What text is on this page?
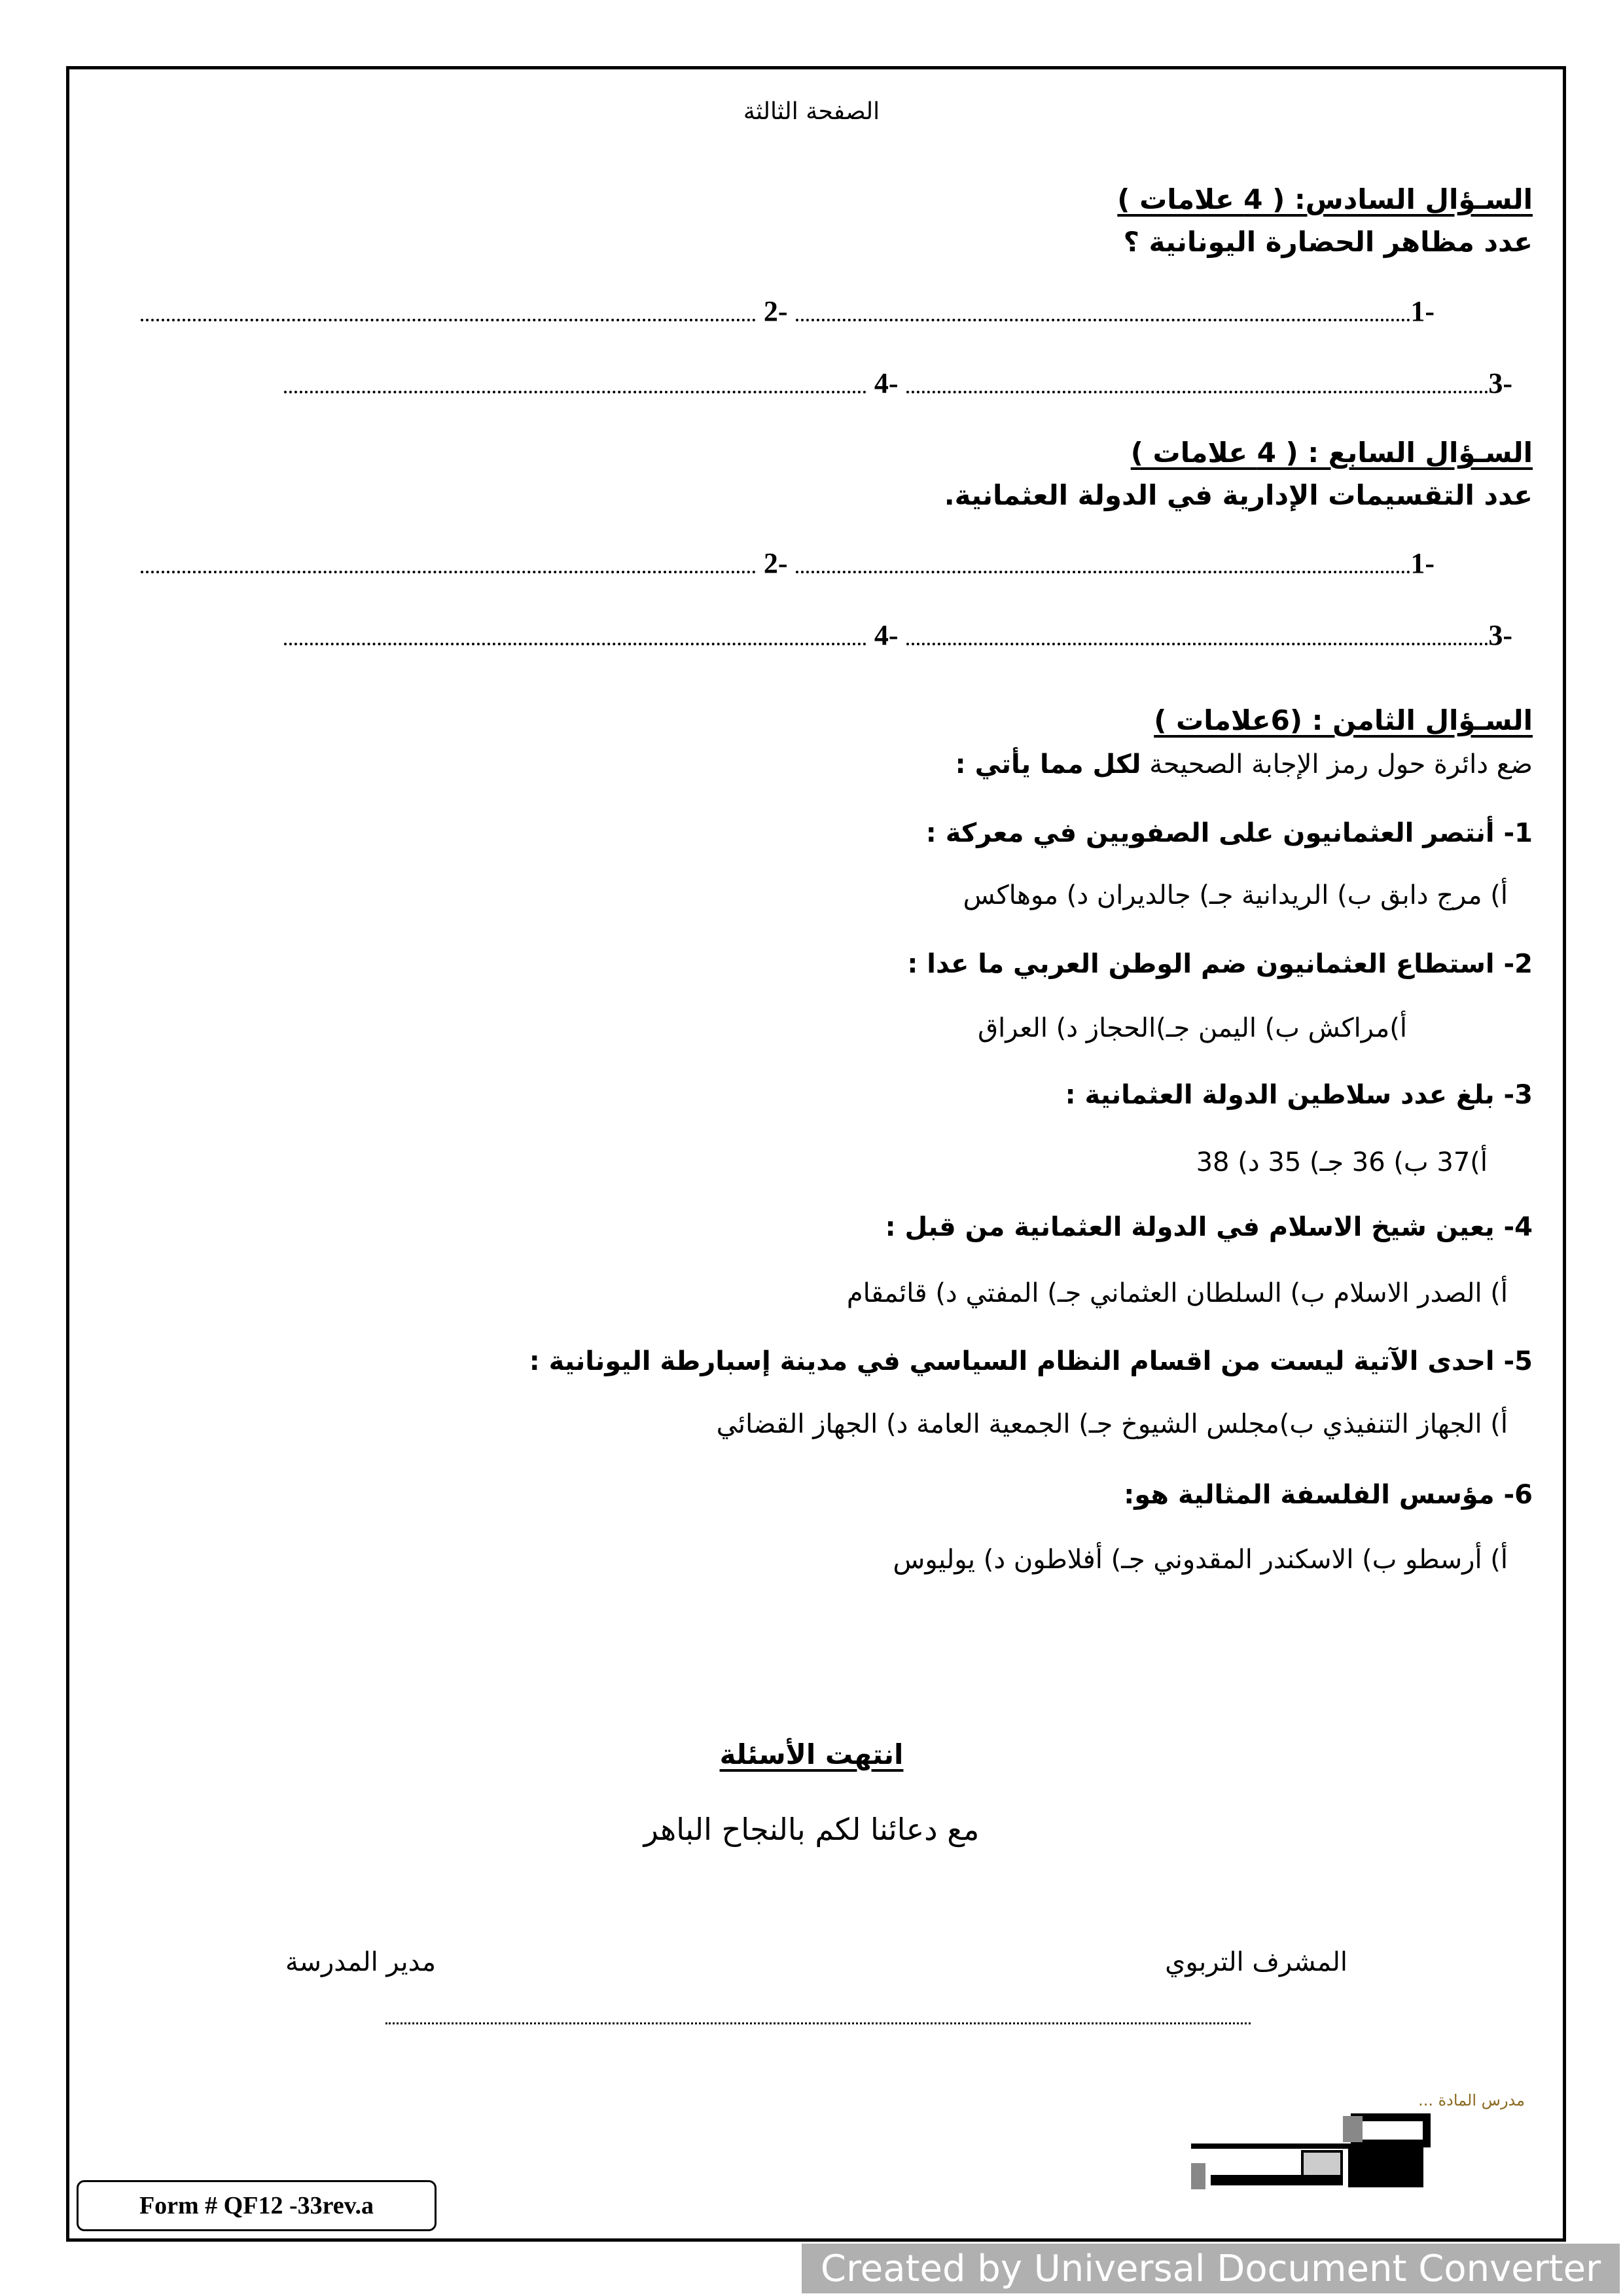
الصفحة الثالثة
السـؤال السادس: ( 4 علامات )
عدد مظاهر الحضارة اليونانية ؟
-1
-2
-3
-4
السـؤال السابع : ( 4 علامات )
عدد التقسيمات الإدارية في الدولة العثمانية.
-1
-2
-3
-4
السـؤال الثامن : (6علامات )
ضع دائرة حول رمز الإجابة الصحيحة لكل مما يأتي :
1- أنتصر العثمانيون على الصفويين في معركة :
أ) مرج دابق ب) الريدانية جـ) جالديران د) موهاكس
2- استطاع العثمانيون ضم الوطن العربي ما عدا :
أ)مراكش ب) اليمن جـ)الحجاز د) العراق
3- بلغ عدد سلاطين الدولة العثمانية :
أ)37 ب) 36 جـ) 35 د) 38
4- يعين شيخ الاسلام في الدولة العثمانية من قبل :
أ) الصدر الاسلام ب) السلطان العثماني جـ) المفتي د) قائمقام
5- احدى الآتية ليست من اقسام النظام السياسي في مدينة إسبارطة اليونانية :
أ) الجهاز التنفيذي ب)مجلس الشيوخ جـ) الجمعية العامة د) الجهاز القضائي
6- مؤسس الفلسفة المثالية هو:
أ) أرسطو ب) الاسكندر المقدوني جـ) أفلاطون د) يوليوس
انتهت الأسئلة
مع دعائنا لكم بالنجاح الباهر
المشرف التربوي
مدير المدرسة
مدرس المادة ...
Form # QF12 -33rev.a
Created by Universal Document Converter
